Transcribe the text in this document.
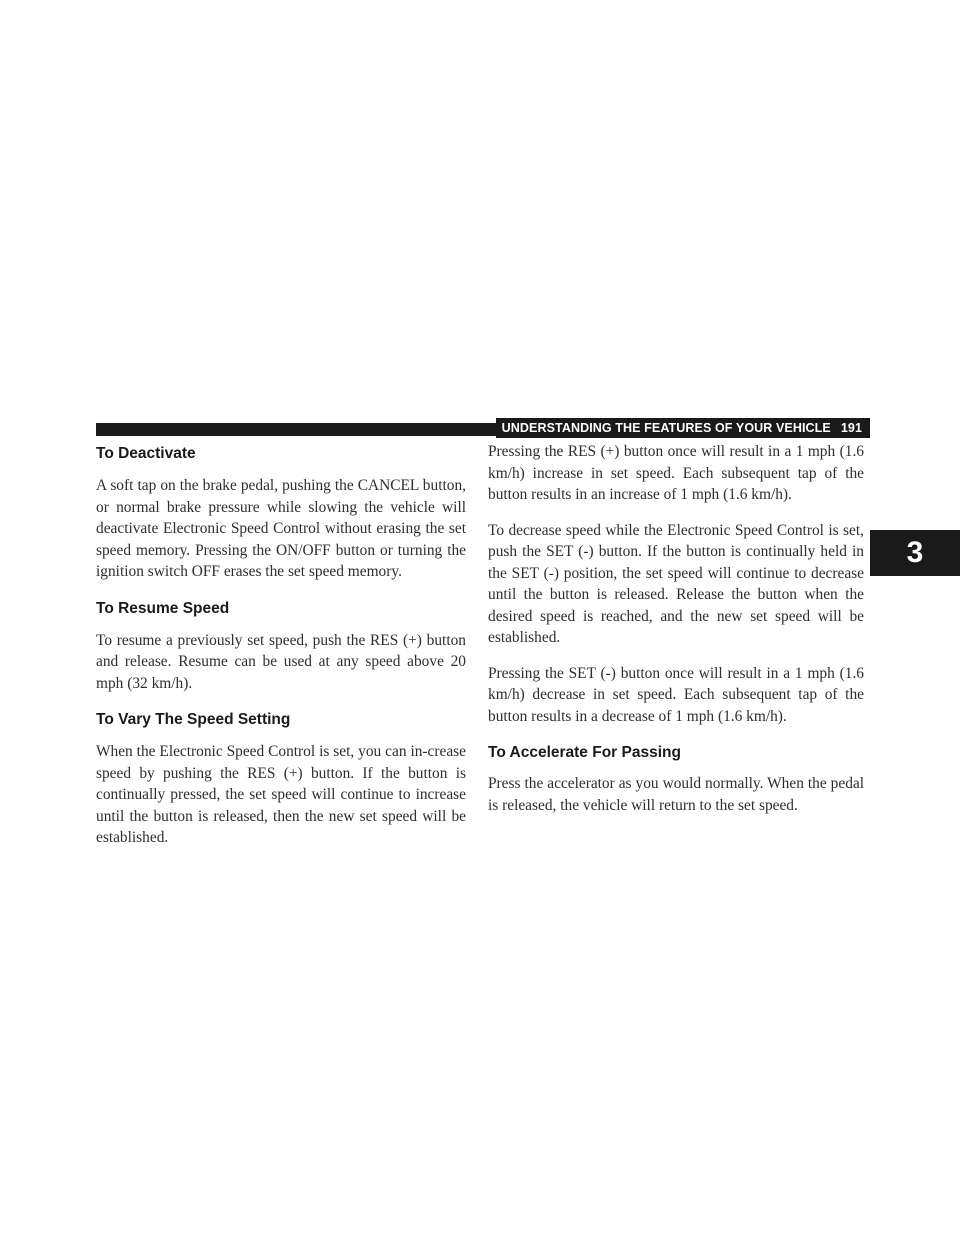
UNDERSTANDING THE FEATURES OF YOUR VEHICLE 191
3
To Deactivate

A soft tap on the brake pedal, pushing the CANCEL button, or normal brake pressure while slowing the vehicle will deactivate Electronic Speed Control without erasing the set speed memory. Pressing the ON/OFF button or turning the ignition switch OFF erases the set speed memory.

To Resume Speed

To resume a previously set speed, push the RES (+) button and release. Resume can be used at any speed above 20 mph (32 km/h).

To Vary The Speed Setting

When the Electronic Speed Control is set, you can in-crease speed by pushing the RES (+) button. If the button is continually pressed, the set speed will continue to increase until the button is released, then the new set speed will be established.

Pressing the RES (+) button once will result in a 1 mph (1.6 km/h) increase in set speed. Each subsequent tap of the button results in an increase of 1 mph (1.6 km/h).

To decrease speed while the Electronic Speed Control is set, push the SET (-) button. If the button is continually held in the SET (-) position, the set speed will continue to decrease until the button is released. Release the button when the desired speed is reached, and the new set speed will be established.

Pressing the SET (-) button once will result in a 1 mph (1.6 km/h) decrease in set speed. Each subsequent tap of the button results in a decrease of 1 mph (1.6 km/h).

To Accelerate For Passing

Press the accelerator as you would normally. When the pedal is released, the vehicle will return to the set speed.
